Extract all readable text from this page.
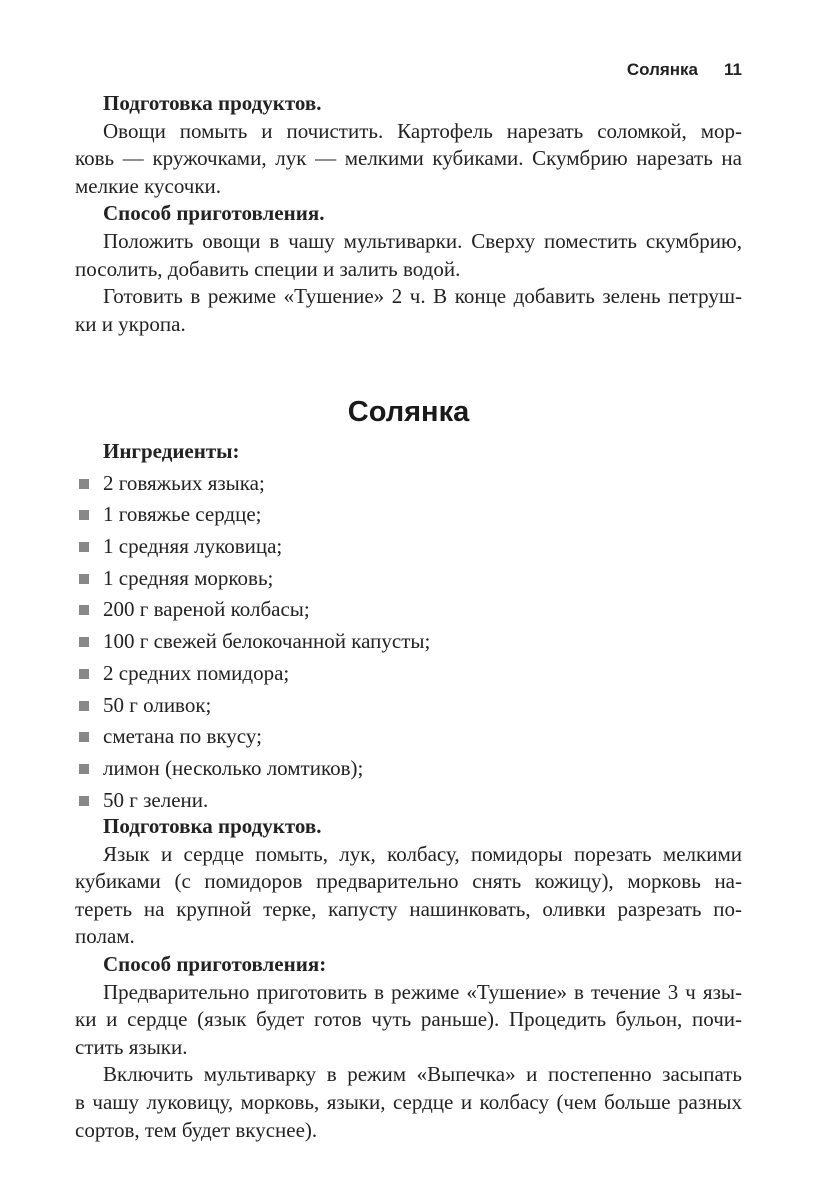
Солянка 11
Подготовка продуктов.
Овощи помыть и почистить. Картофель нарезать соломкой, мор-
ковь — кружочками, лук — мелкими кубиками. Скумбрию нарезать на
мелкие кусочки.
Способ приготовления.
Положить овощи в чашу мультиварки. Сверху поместить скумбрию,
посолить, добавить специи и залить водой.
Готовить в режиме «Тушение» 2 ч. В конце добавить зелень петруш-
ки и укропа.
Солянка
Ингредиенты:
2 говяжьих языка;
1 говяжье сердце;
1 средняя луковица;
1 средняя морковь;
200 г вареной колбасы;
100 г свежей белокочанной капусты;
2 средних помидора;
50 г оливок;
сметана по вкусу;
лимон (несколько ломтиков);
50 г зелени.
Подготовка продуктов.
Язык и сердце помыть, лук, колбасу, помидоры порезать мелкими
кубиками (с помидоров предварительно снять кожицу), морковь на-
тереть на крупной терке, капусту нашинковать, оливки разрезать по-
полам.
Способ приготовления:
Предварительно приготовить в режиме «Тушение» в течение 3 ч язы-
ки и сердце (язык будет готов чуть раньше). Процедить бульон, почи-
стить языки.
Включить мультиварку в режим «Выпечка» и постепенно засыпать
в чашу луковицу, морковь, языки, сердце и колбасу (чем больше разных
сортов, тем будет вкуснее).
